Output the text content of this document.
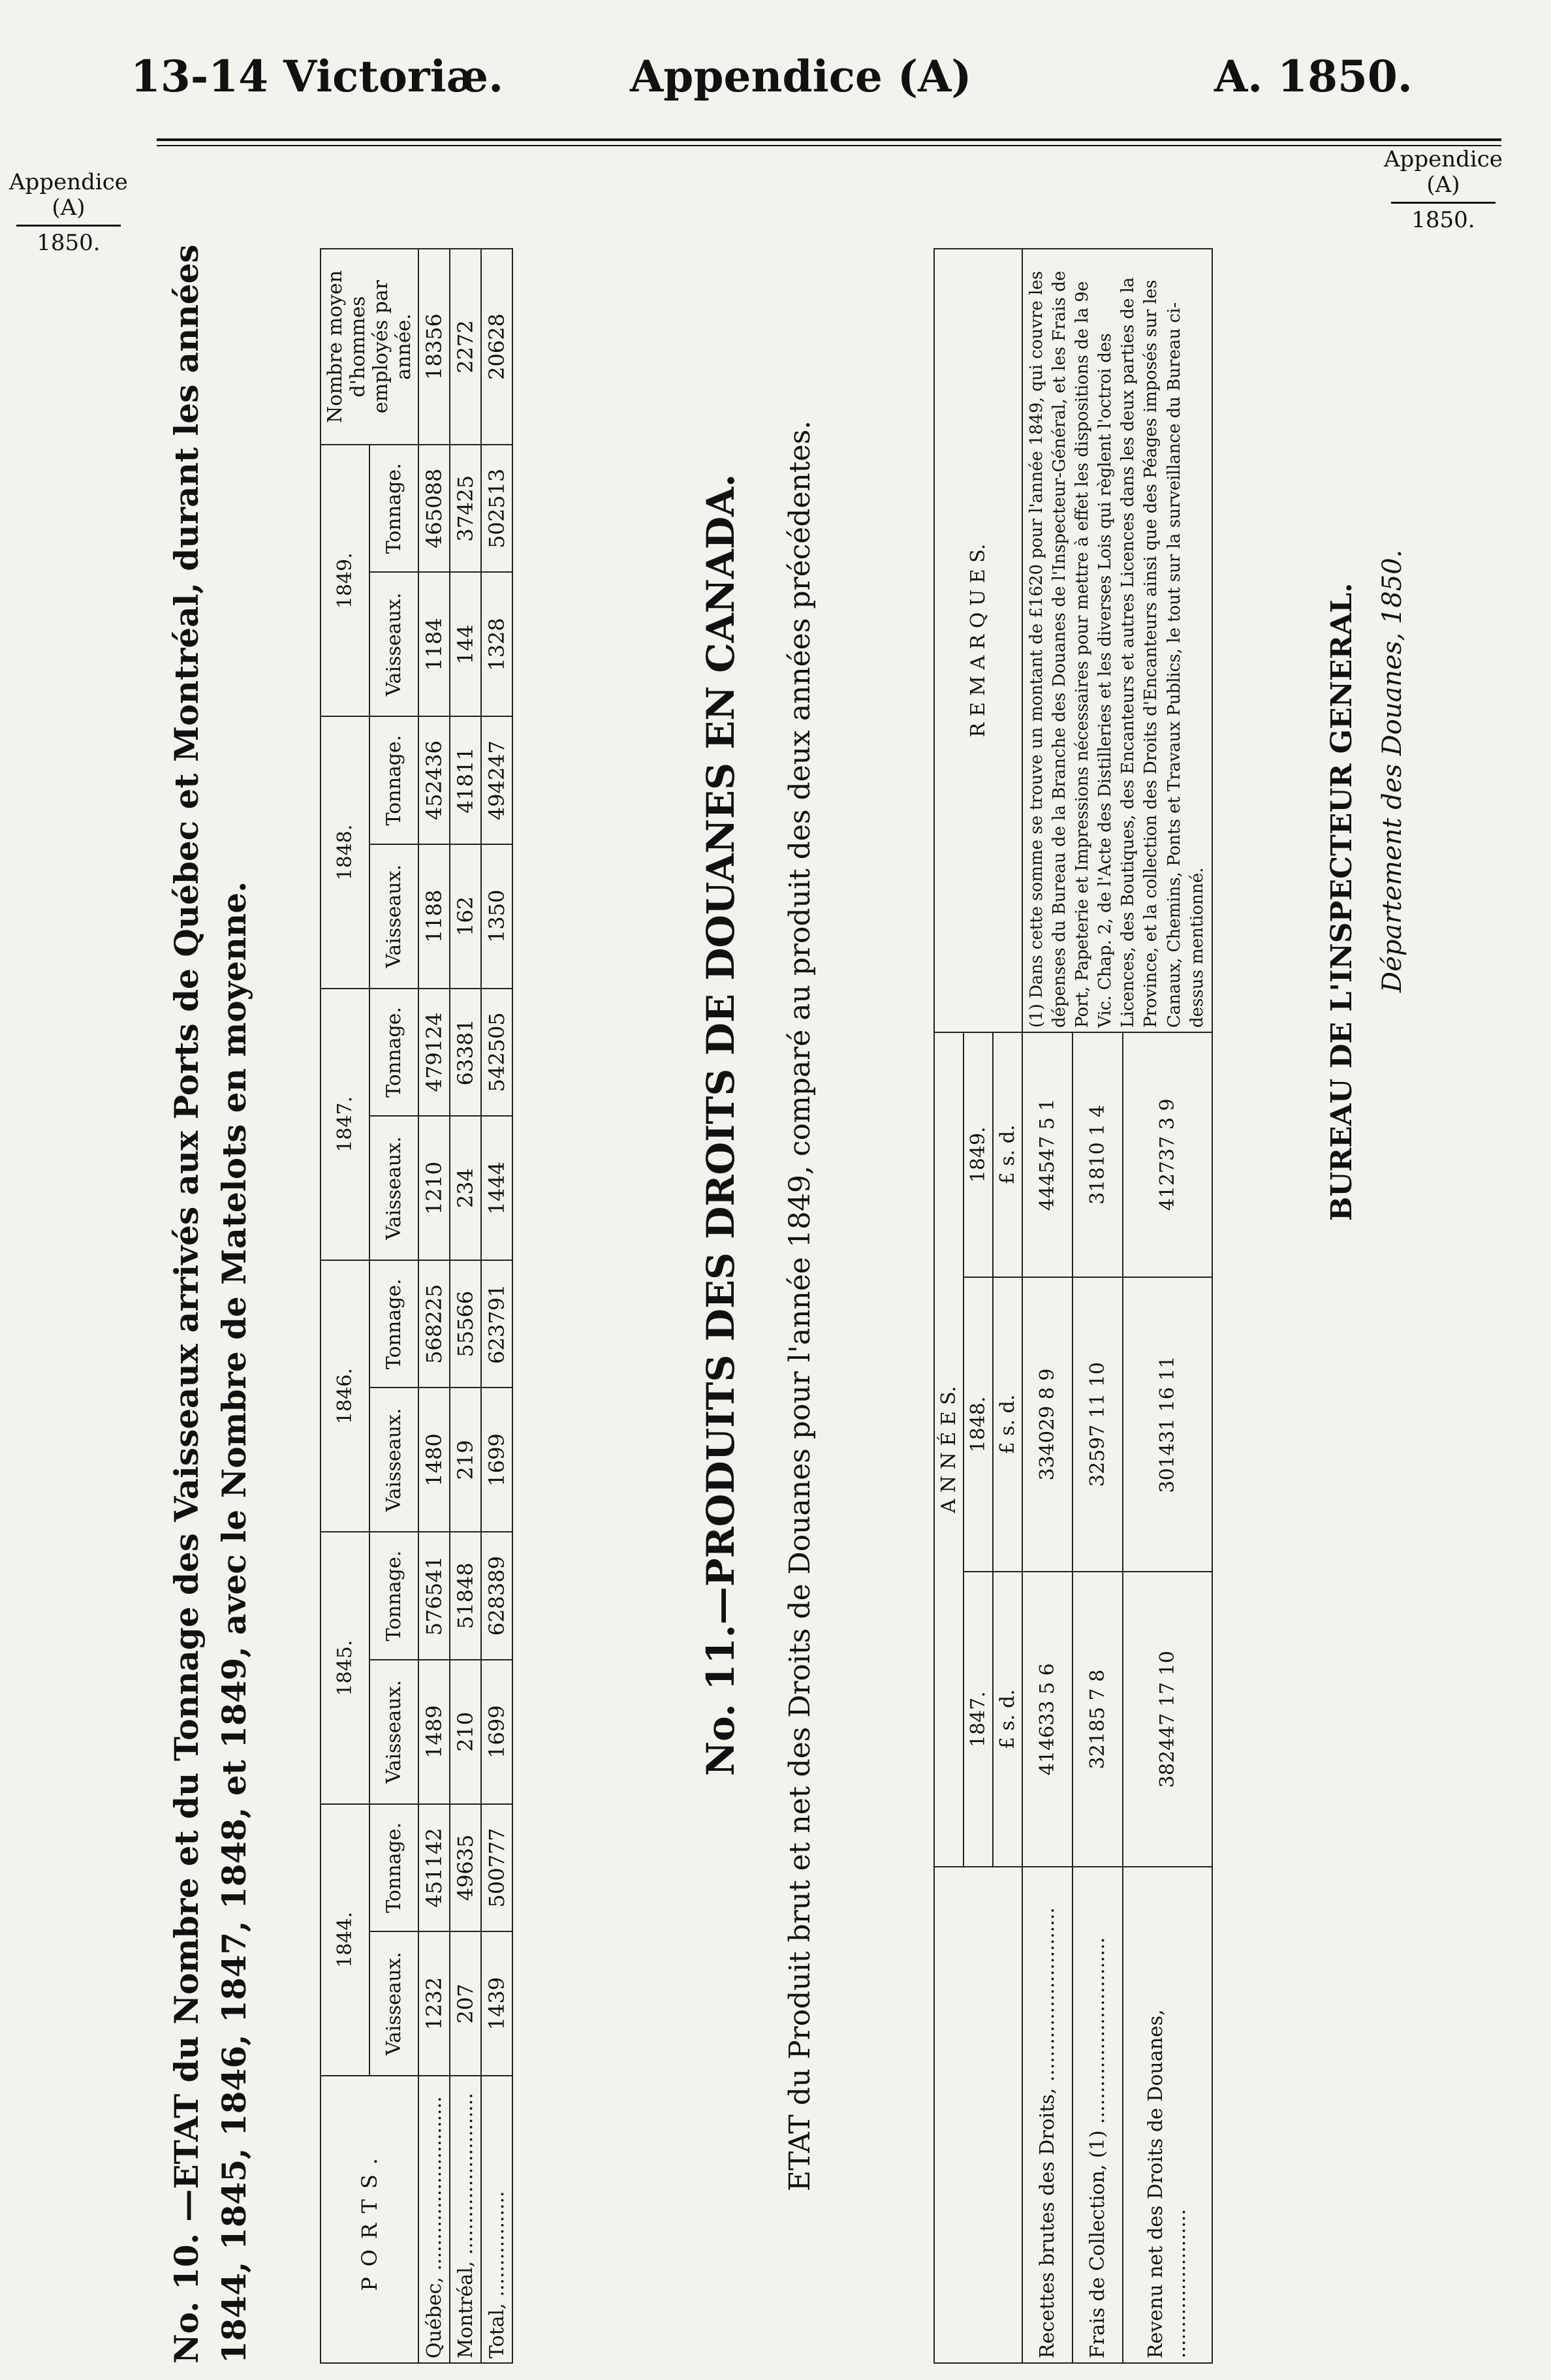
13-14 Victoriæ.	Appendice (A)	A. 1850.
Appendice
(A)
1850.
Appendice
(A)
1850.
No. 10. —ETAT du Nombre et du Tonnage des Vaisseaux arrivés aux Ports de Québec et Montréal, durant les années 1844, 1845, 1846, 1847, 1848, et 1849, avec le Nombre de Matelots en moyenne.	PORTS.	1844.		1845.		1846.		1847.		1848.		1849.		Nombre moyen d'hommes employés par année.
	Vaisseaux.	Tonnage.	Vaisseaux.	Tonnage.	Vaisseaux.	Tonnage.	Vaisseaux.	Tonnage.	Vaisseaux.	Tonnage.	Vaisseaux.	Tonnage.	
Québec, ............................	1232	451142	1489	576541	1480	568225	1210	479124	1188	452436	1184	465088	18356
Montréal, ..........................	207	49635	210	51848	219	55566	234	63381	162	41811	144	37425	2272
Total, .................	1439	500777	1699	628389	1699	623791	1444	542505	1350	494247	1328	502513	20628
No. 11.—PRODUITS DES DROITS DE DOUANES EN CANADA. ETAT du Produit brut et net des Droits de Douanes pour l'année 1849, comparé au produit des deux années précédentes.
		A N N É E S.			R E M A R Q U E S.
	1847.	1848.	1849.	
	£ s. d.	£ s. d.	£ s. d.	
Recettes brutes des Droits, ............................	414633 5 6	334029 8 9	444547 5 1	(1) Dans cette somme se trouve un montant de £1620 pour l'année 1849, qui couvre les dépenses du Bureau de la Branche des Douanes de l'Inspecteur-Général, et les Frais de Port, Papeterie et Impressions nécessaires pour mettre à effet les dispositions de la 9e Vic. Chap. 2, de l'Acte des Distilleries et les diverses Lois qui règlent l'octroi des Licences, des Boutiques, des Encanteurs et autres Licences dans les deux parties de la Province, et la collection des Droits d'Encanteurs ainsi que des Péages imposés sur les Canaux, Chemins, Ponts et Travaux Publics, le tout sur la surveillance du Bureau ci-dessus mentionné.
Frais de Collection, (1) ..............................	32185 7 8	32597 11 10	31810 1 4	
Revenu net des Droits de Douanes, ........................	382447 17 10	301431 16 11	412737 3 9		BUREAU DE L'INSPECTEUR GENERAL. Département des Douanes, 1850.
